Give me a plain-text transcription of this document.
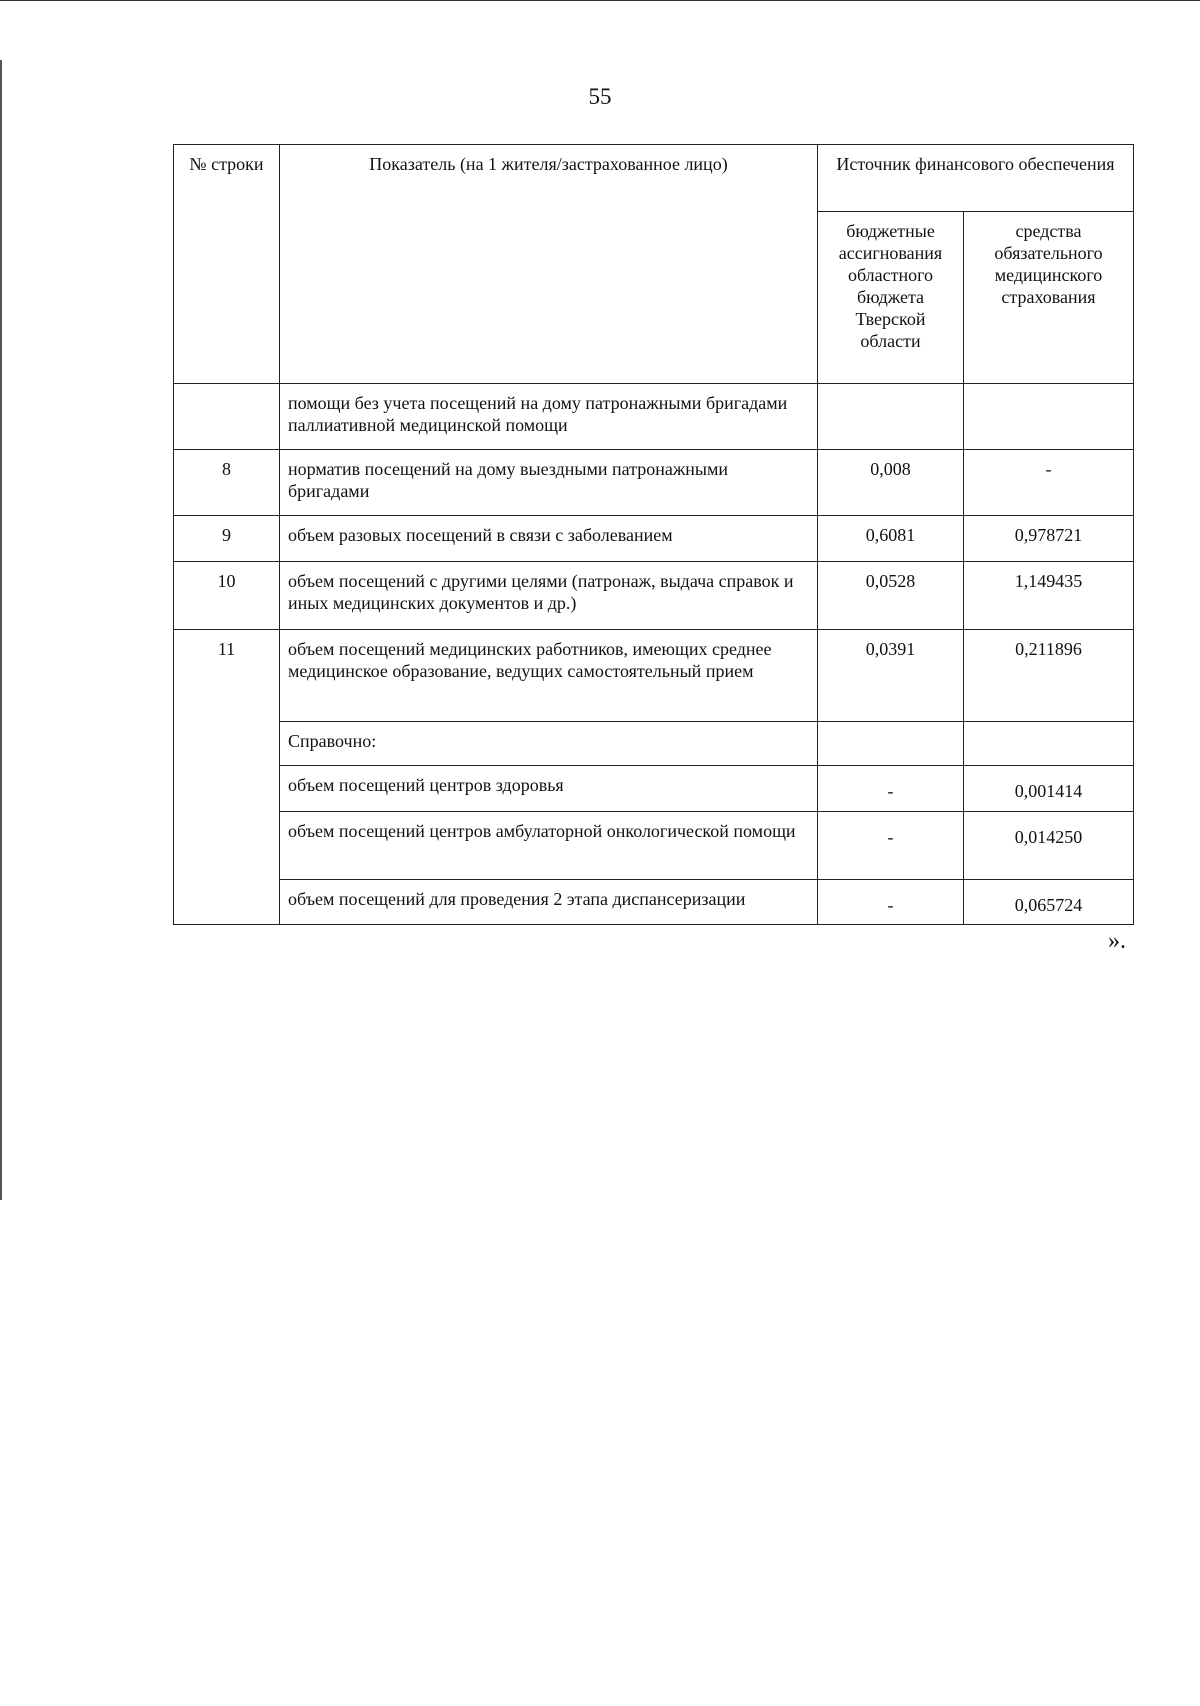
55
№ строки	Показатель (на 1 жителя/застрахованное лицо)	Источник финансового обеспечения	
		бюджетные ассигнования областного бюджета Тверской области	средства обязательного медицинского страхования
	помощи без учета посещений на дому патронажными бригадами паллиативной медицинской помощи		
8	норматив посещений на дому выездными патронажными бригадами	0,008	-
9	объем разовых посещений в связи с заболеванием	0,6081	0,978721
10	объем посещений с другими целями (патронаж, выдача справок и иных медицинских документов и др.)	0,0528	1,149435
11	объем посещений медицинских работников, имеющих среднее медицинское образование, ведущих самостоятельный прием	0,0391	0,211896
	Справочно:		
	объем посещений центров здоровья	-	0,001414
	объем посещений центров амбулаторной онкологической помощи	-	0,014250
	объем посещений для проведения 2 этапа диспансеризации	-	0,065724
».
